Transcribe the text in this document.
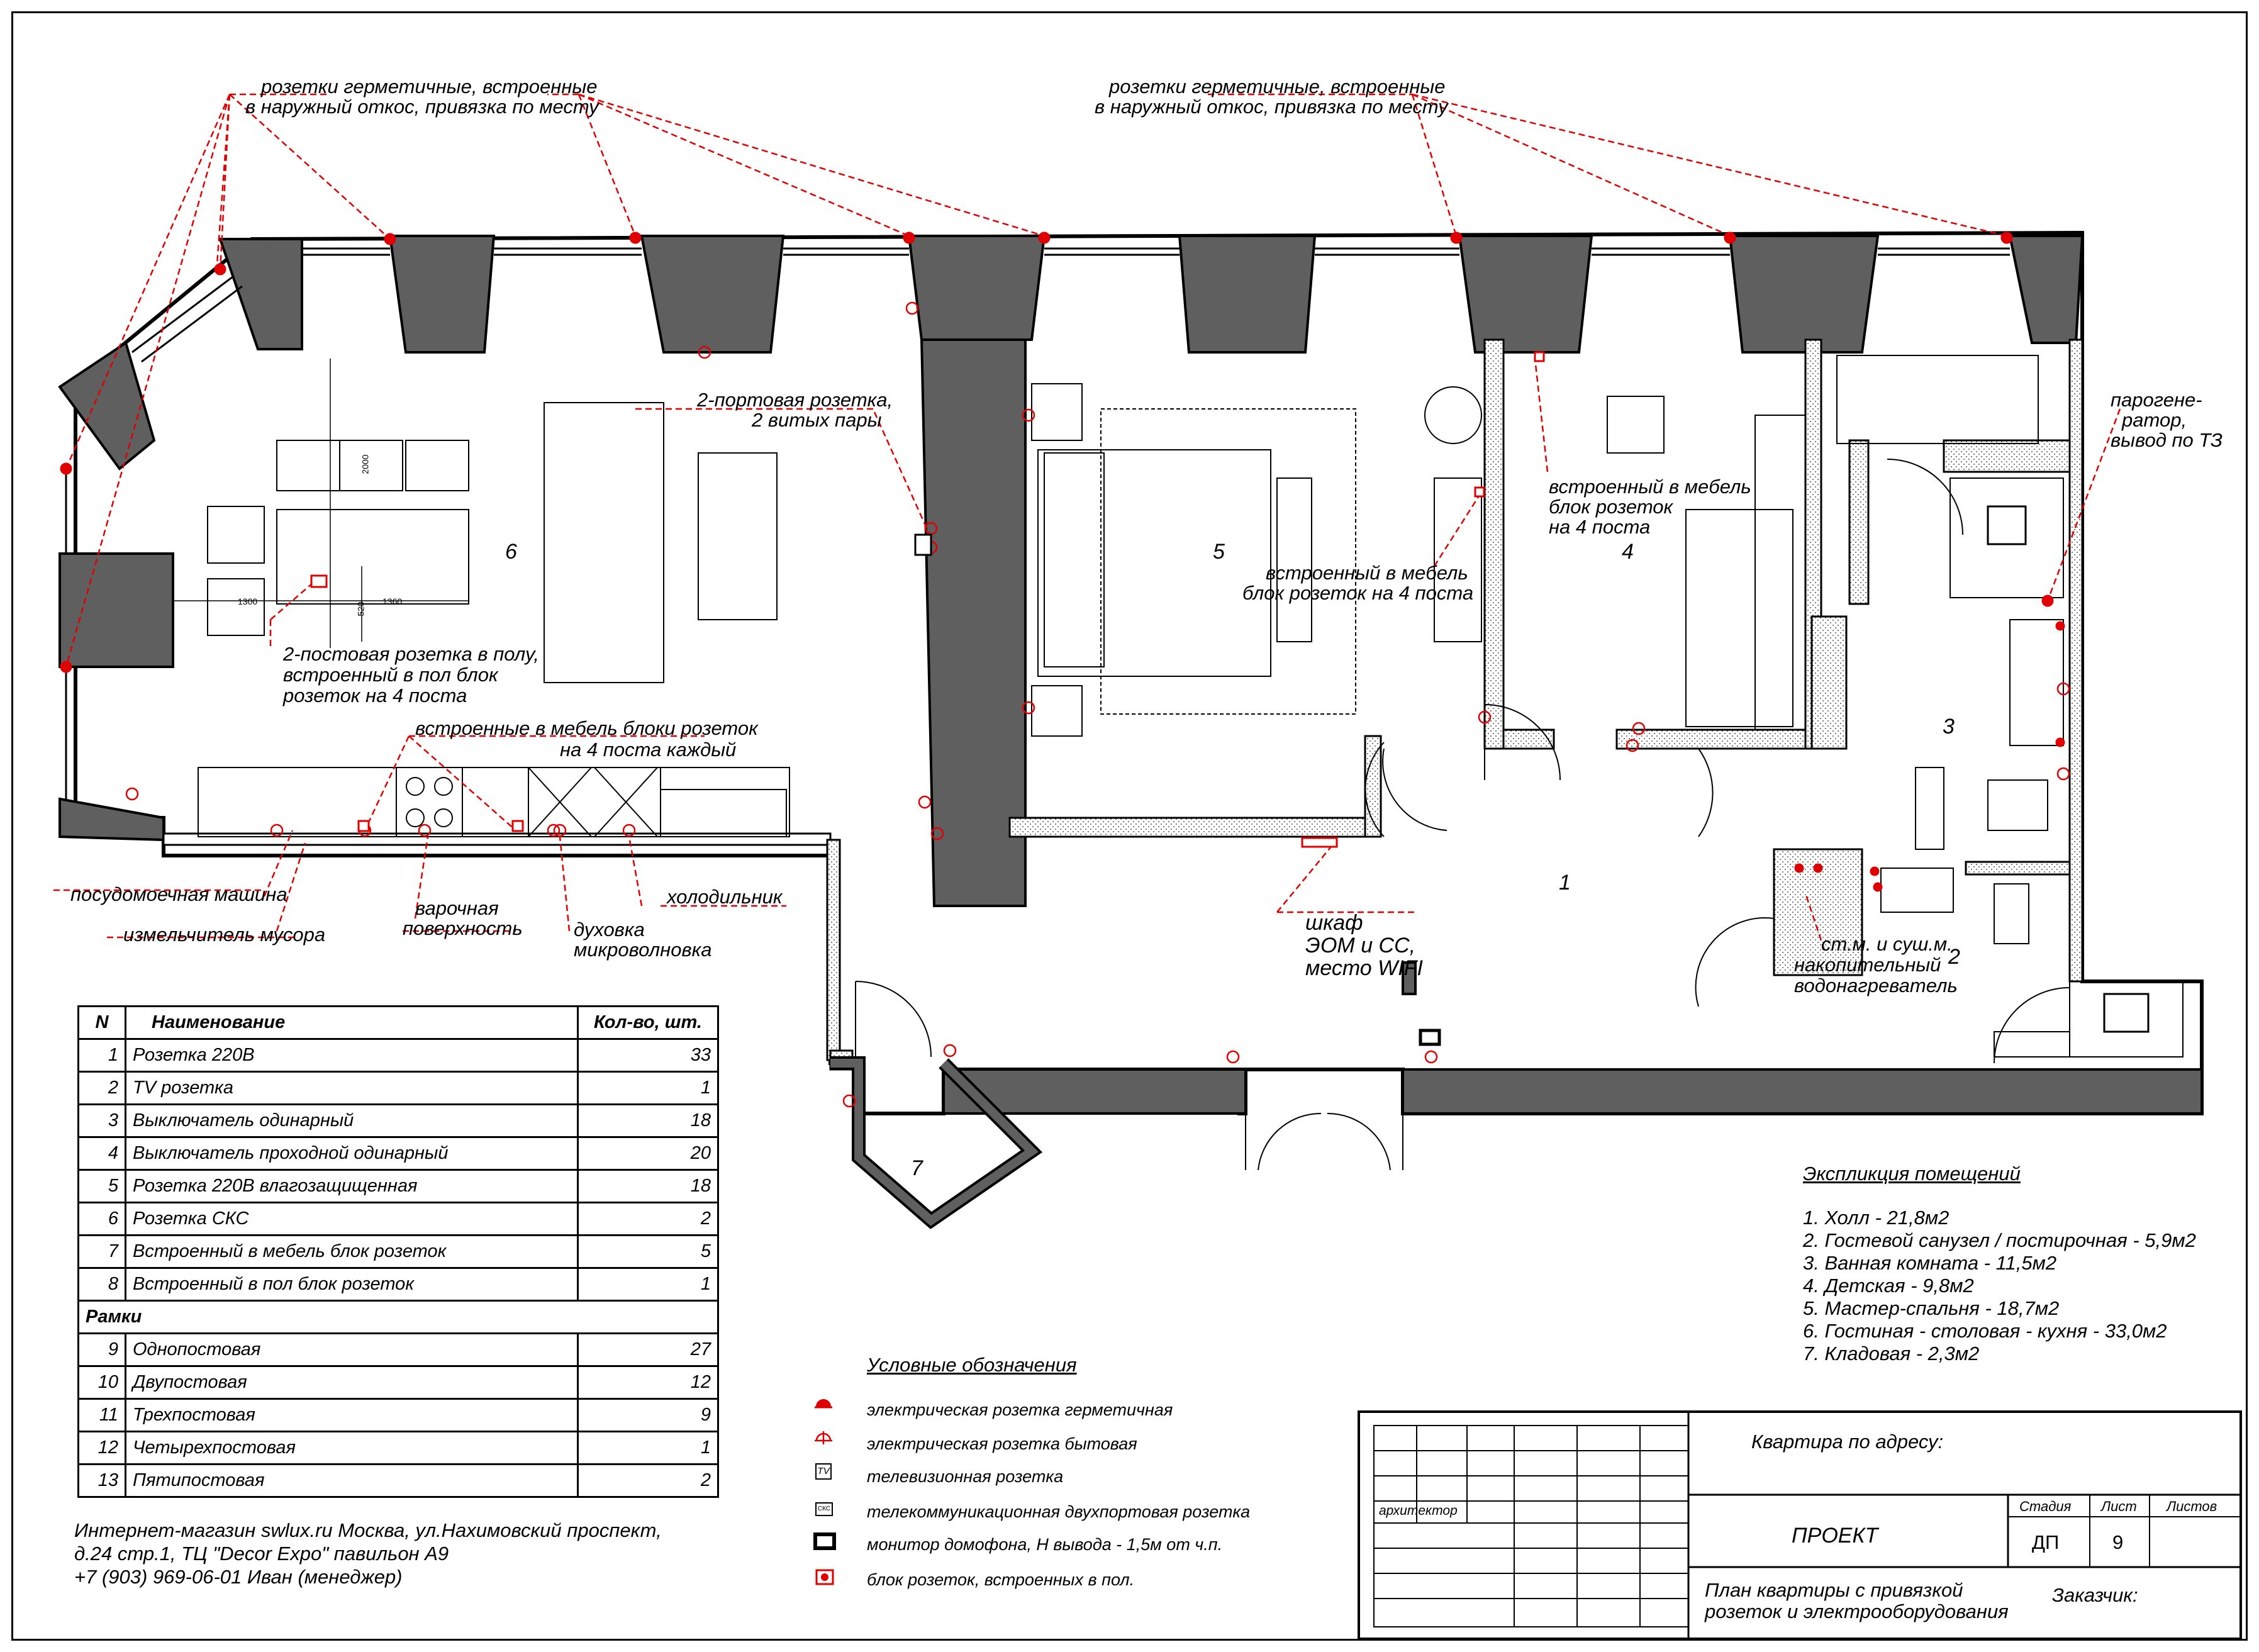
розетки герметичные, встроенные
в наружный откос, привязка по месту
розетки герметичные, встроенные
в наружный откос, привязка по месту
2-портовая розетка,
2 витых пары
встроенный в мебель
блок розеток
на 4 поста
встроенный в мебель
блок розеток на 4 поста
2-постовая розетка в полу,
встроенный в пол блок
розеток на 4 поста
встроенные в мебель блоки розеток
на 4 поста каждый
парогене-
ратор,
вывод по ТЗ
посудомоечная машина
измельчитель мусора
варочная
поверхность	духовка
микроволновка
холодильник
шкаф
ЭОМ и СС,
место WIFI
ст.м. и суш.м.
накопительный
водонагреватель
1
2
3
4
5
6
7
2000
520
1300	1360
N	Наименование	Кол-во, шт.
1	Розетка 220В	33
2	TV розетка	1
3	Выключатель одинарный	18
4	Выключатель проходной одинарный	20
5	Розетка 220В влагозащищенная	18
6	Розетка СКС	2
7	Встроенный в мебель блок розеток	5
8	Встроенный в пол блок розеток	1
Рамки		
9	Однопостовая	27
10	Двупостовая	12
11	Трехпостовая	9
12	Четырехпостовая	1
13	Пятипостовая	2
Интернет-магазин swlux.ru Москва, ул.Нахимовский проспект,
д.24 стр.1, ТЦ "Decor Expo" павильон А9
+7 (903) 969-06-01 Иван (менеджер)
Условные обозначения
электрическая розетка герметичная
электрическая розетка бытовая
TV телевизионная розетка
СКС телекоммуникационная двухпортовая розетка
монитор домофона, Н вывода - 1,5м от ч.п.
блок розеток, встроенных в пол.
Экспликция помещений
1. Холл - 21,8м2
2. Гостевой санузел / постирочная - 5,9м2
3. Ванная комната - 11,5м2
4. Детская - 9,8м2
5. Мастер-спальня - 18,7м2
6. Гостиная - столовая - кухня - 33,0м2
7. Кладовая - 2,3м2
Квартира по адресу:
архитектор
ПРОЕКТ
Стадия Лист Листов
ДП	9
План квартиры с привязкой
розеток и электрооборудования
Заказчик:
